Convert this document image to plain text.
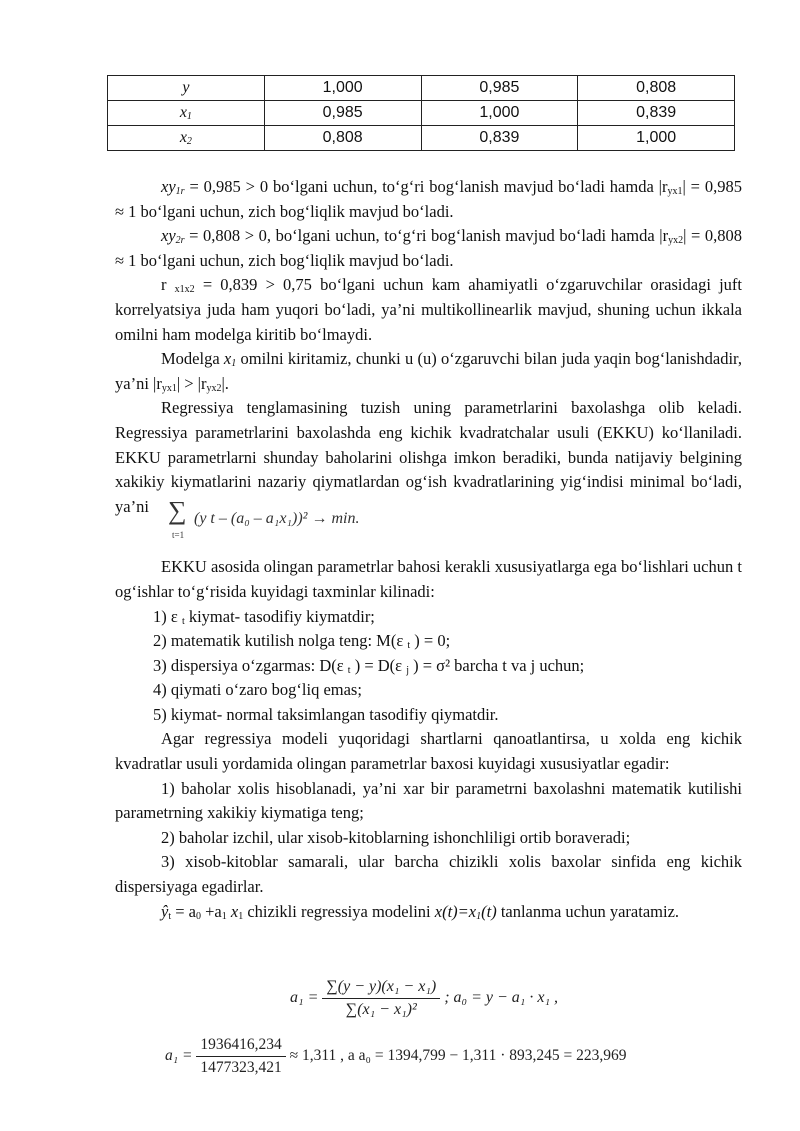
y	1,000	0,985	0,808
$x_1$	0,985	1,000	0,839
$x_2$	0,808	0,839	1,000

$xy_{1r} = 0,985 > 0$ bo‘lgani uchun, to‘g‘ri bog‘lanish mavjud bo‘ladi hamda $|r_{yx1}| = 0,985 \approx 1$ bo‘lgani uchun, zich bog‘liqlik mavjud bo‘ladi.

$xy_{2r} = 0,808 > 0$, bo‘lgani uchun, to‘g‘ri bog‘lanish mavjud bo‘ladi hamda $|r_{yx2}| = 0,808 \approx 1$ bo‘lgani uchun, zich bog‘liqlik mavjud bo‘ladi.

r $_{x1x2}$ = 0,839 > 0,75 bo‘lgani uchun kam ahamiyatli o‘zgaruvchilar orasidagi juft korrelyatsiya juda ham yuqori bo‘ladi, ya’ni multikollinearlik mavjud, shuning uchun ikkala omilni ham modelga kiritib bo‘lmaydi.

Modelga $x_1$ omilni kiritamiz, chunki u (u) o‘zgaruvchi bilan juda yaqin bog‘lanishdadir, ya’ni $|r_{yx1}| > |r_{yx2}|$.

Regressiya tenglamasining tuzish uning parametrlarini baxolashga olib keladi. Regressiya parametrlarini baxolashda eng kichik kvadratchalar usuli (EKKU) ko‘llaniladi. EKKU parametrlarni shunday baholarini olishga imkon beradiki, bunda natijaviy belgining xakikiy kiymatlarini nazariy qiymatlardan og‘ish kvadratlarining yig‘indisi minimal bo‘ladi, ya’ni

EKKU asosida olingan parametrlar bahosi kerakli xususiyatlarga ega bo‘lishlari uchun t og‘ishlar to‘g‘risida kuyidagi taxminlar kilinadi:

1) ε $_t$ kiymat- tasodifiy kiymatdir;

2) matematik kutilish nolga teng: M(ε $_t$ ) = 0;

3) dispersiya o‘zgarmas: D(ε $_t$ ) = D(ε $_j$ ) = σ² barcha t va j uchun;

4) qiymati o‘zaro bog‘liq emas;

5) kiymat- normal taksimlangan tasodifiy qiymatdir.

Agar regressiya modeli yuqoridagi shartlarni qanoatlantirsa, u xolda eng kichik kvadratlar usuli yordamida olingan parametrlar baxosi kuyidagi xususiyatlar egadir:

1) baholar xolis hisoblanadi, ya’ni xar bir parametrni baxolashni matematik kutilishi parametrning xakikiy kiymatiga teng;

2) baholar izchil, ular xisob-kitoblarning ishonchliligi ortib boraveradi;

3) xisob-kitoblar samarali, ular barcha chizikli xolis baxolar sinfida eng kichik dispersiyaga egadirlar.

$ŷ_t = a_0 +a_1$ $x_1$ chizikli regressiya modelini $x(t)=x_1(t)$ tanlanma uchun yaratamiz.

∑
t=1
(y t – (a₀ – a₁x₁))² → min.
$a_1 = \frac{\text{∑(y − y)(x₁ − x₁)}}{\text{∑(x₁ − x₁)²}}$ ; a₀ = y − a₁ · x₁ ,
$a_1 = \frac{1936416,234}{1477323,421} \approx 1,311$ , a a₀ = 1394,799 − 1,311 · 893,245 = 223,969
